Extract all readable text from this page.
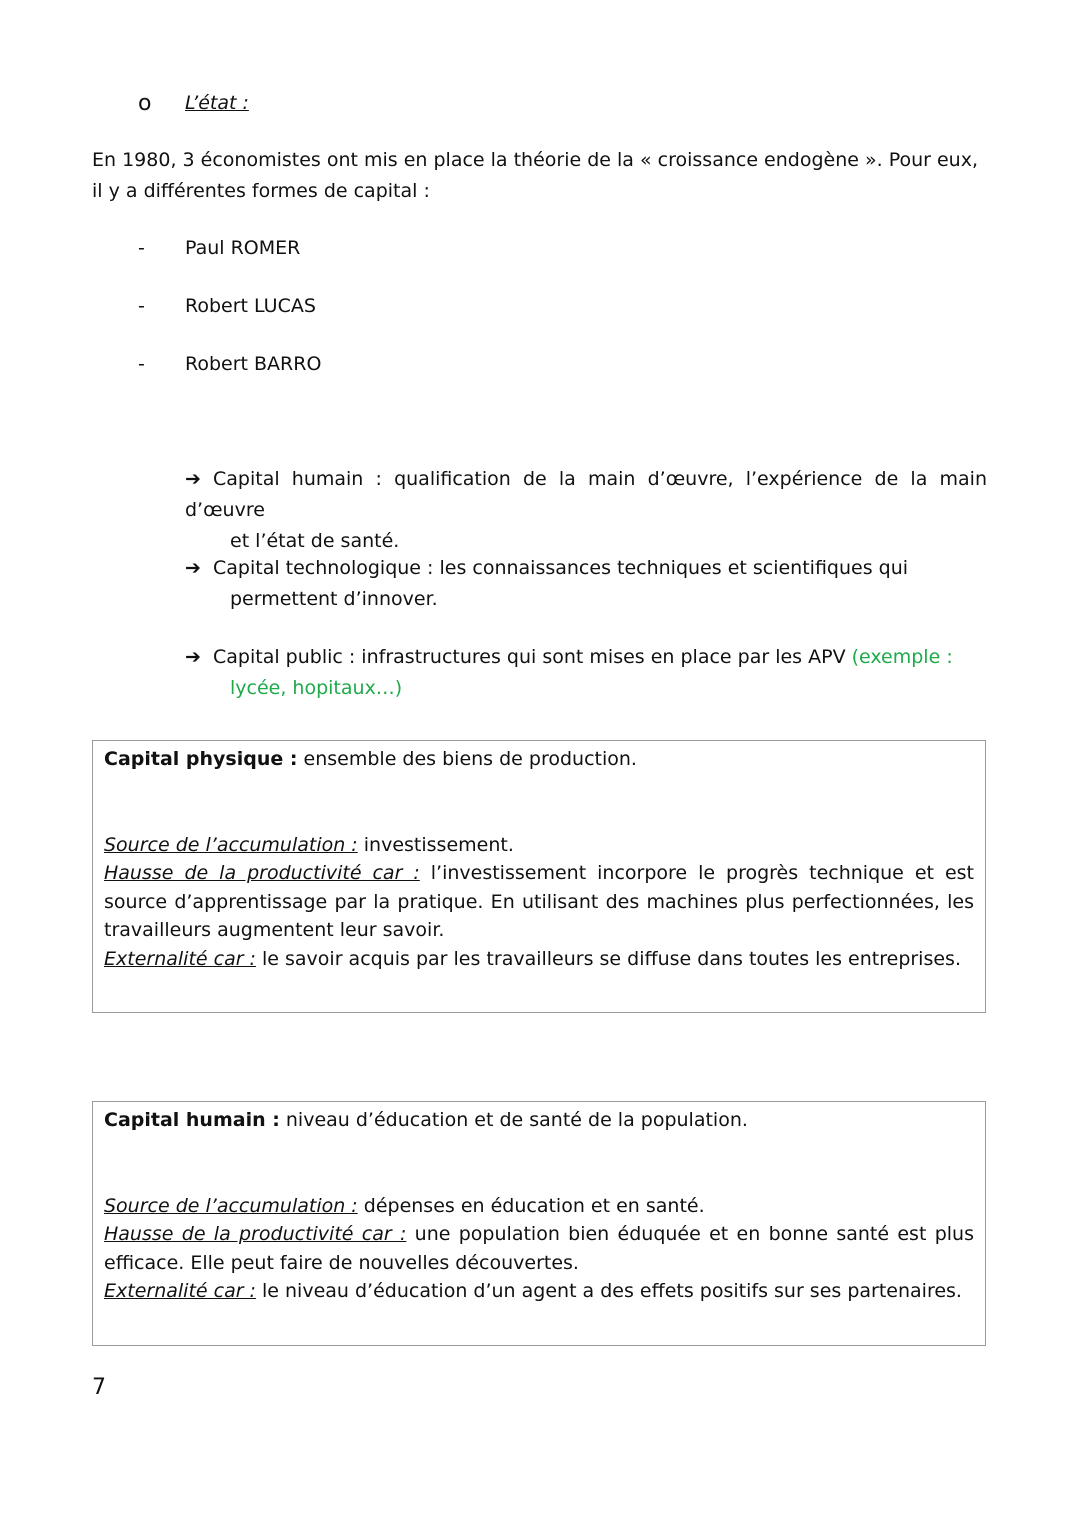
o L’état :
En 1980, 3 économistes ont mis en place la théorie de la « croissance endogène ». Pour eux, il y a différentes formes de capital :
- Paul ROMER
- Robert LUCAS
- Robert BARRO
➔ Capital humain : qualification de la main d’œuvre, l’expérience de la main d’œuvre
et l’état de santé.
➔ Capital technologique : les connaissances techniques et scientifiques qui
permettent d’innover.
➔ Capital public : infrastructures qui sont mises en place par les APV (exemple :
lycée, hopitaux…)
Capital physique : ensemble des biens de production.
Source de l’accumulation : investissement.
Hausse de la productivité car : l’investissement incorpore le progrès technique et est source d’apprentissage par la pratique. En utilisant des machines plus perfectionnées, les travailleurs augmentent leur savoir.
Externalité car : le savoir acquis par les travailleurs se diffuse dans toutes les entreprises.
Capital humain : niveau d’éducation et de santé de la population.
Source de l’accumulation : dépenses en éducation et en santé.
Hausse de la productivité car : une population bien éduquée et en bonne santé est plus efficace. Elle peut faire de nouvelles découvertes.
Externalité car : le niveau d’éducation d’un agent a des effets positifs sur ses partenaires.
7
